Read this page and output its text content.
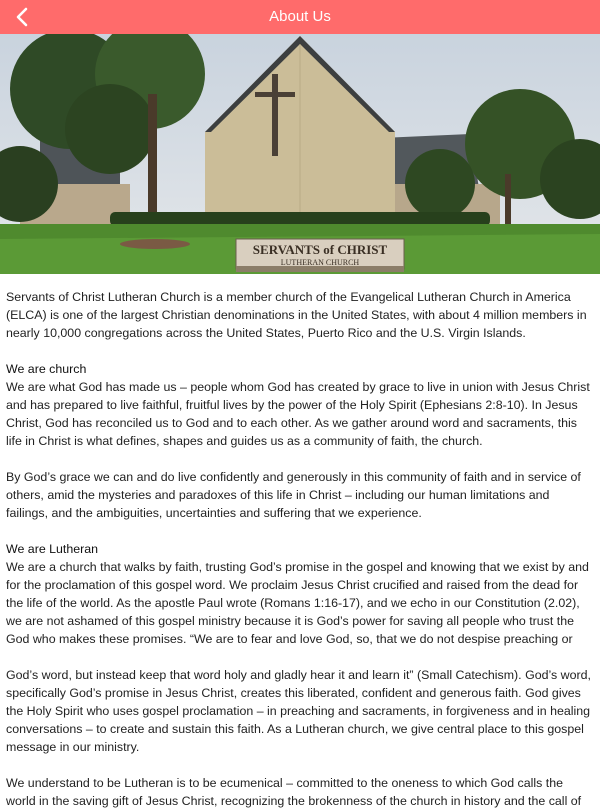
About Us
SERVANTS of CHRIST
LUTHERAN CHURCH

Servants of Christ Lutheran Church is a member church of the Evangelical Lutheran Church in America (ELCA) is one of the largest Christian denominations in the United States, with about 4 million members in nearly 10,000 congregations across the United States, Puerto Rico and the U.S. Virgin Islands.

We are church

We are what God has made us – people whom God has created by grace to live in union with Jesus Christ and has prepared to live faithful, fruitful lives by the power of the Holy Spirit (Ephesians 2:8-10). In Jesus Christ, God has reconciled us to God and to each other. As we gather around word and sacraments, this life in Christ is what defines, shapes and guides us as a community of faith, the church.

By God’s grace we can and do live confidently and generously in this community of faith and in service of others, amid the mysteries and paradoxes of this life in Christ – including our human limitations and failings, and the ambiguities, uncertainties and suffering that we experience.

We are Lutheran

We are a church that walks by faith, trusting God’s promise in the gospel and knowing that we exist by and for the proclamation of this gospel word. We proclaim Jesus Christ crucified and raised from the dead for the life of the world. As the apostle Paul wrote (Romans 1:16-17), and we echo in our Constitution (2.02), we are not ashamed of this gospel ministry because it is God’s power for saving all people who trust the God who makes these promises. “We are to fear and love God, so, that we do not despise preaching or

God’s word, but instead keep that word holy and gladly hear it and learn it” (Small Catechism). God’s word, specifically God’s promise in Jesus Christ, creates this liberated, confident and generous faith. God gives the Holy Spirit who uses gospel proclamation – in preaching and sacraments, in forgiveness and in healing conversations – to create and sustain this faith. As a Lutheran church, we give central place to this gospel message in our ministry.

We understand to be Lutheran is to be ecumenical – committed to the oneness to which God calls the world in the saving gift of Jesus Christ, recognizing the brokenness of the church in history and the call of
